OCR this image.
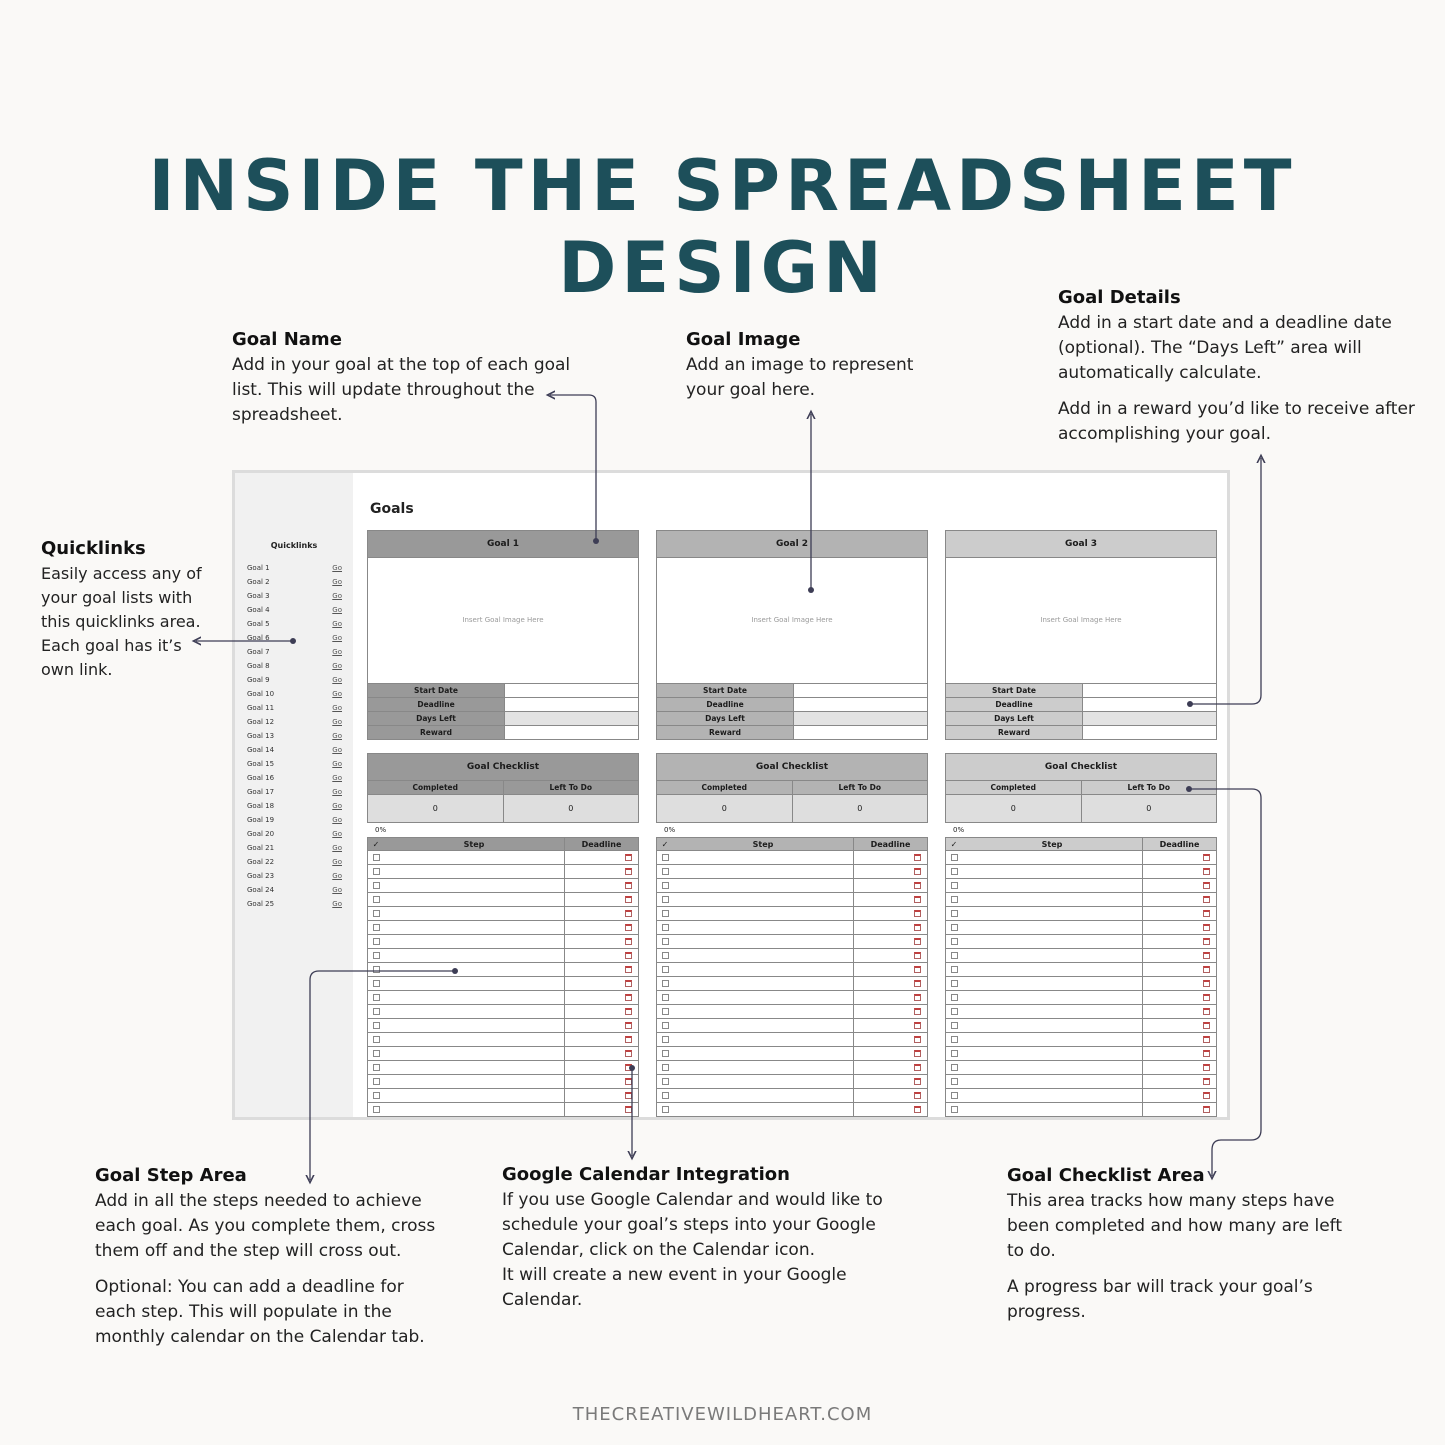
INSIDE THE SPREADSHEET DESIGN
Goal Name

Add in your goal at the top of each goal list. This will update throughout the spreadsheet.

Goal Image

Add an image to represent your goal here.

Goal Details

Add in a start date and a deadline date (optional). The “Days Left” area will automatically calculate.

Add in a reward you’d like to receive after accomplishing your goal.

Quicklinks

Easily access any of your goal lists with this quicklinks area. Each goal has it’s own link.

Goal Step Area

Add in all the steps needed to achieve each goal. As you complete them, cross them off and the step will cross out.

Optional: You can add a deadline for each step. This will populate in the monthly calendar on the Calendar tab.

Google Calendar Integration

If you use Google Calendar and would like to schedule your goal’s steps into your Google Calendar, click on the Calendar icon.

It will create a new event in your Google Calendar.

Goal Checklist Area

This area tracks how many steps have been completed and how many are left to do.

A progress bar will track your goal’s progress.

Quicklinks
Goal 1	Go
Goal 2	Go
Goal 3	Go
Goal 4	Go
Goal 5	Go
Goal 6	Go
Goal 7	Go
Goal 8	Go
Goal 9	Go
Goal 10	Go
Goal 11	Go
Goal 12	Go
Goal 13	Go
Goal 14	Go
Goal 15	Go
Goal 16	Go
Goal 17	Go
Goal 18	Go
Goal 19	Go
Goal 20	Go
Goal 21	Go
Goal 22	Go
Goal 23	Go
Goal 24	Go
Goal 25	Go
Goals
Goal 1
Insert Goal Image Here
Start Date
Deadline
Days Left
Reward
Goal Checklist
Completed	Left To Do
0	0
0%
✓	Step	Deadline
Goal 2
Insert Goal Image Here
Start Date
Deadline
Days Left
Reward
Goal Checklist
Completed	Left To Do
0	0
0%
✓	Step	Deadline
Goal 3
Insert Goal Image Here
Start Date
Deadline
Days Left
Reward
Goal Checklist
Completed	Left To Do
0	0
0%
✓	Step	Deadline
THECREATIVEWILDHEART.COM
